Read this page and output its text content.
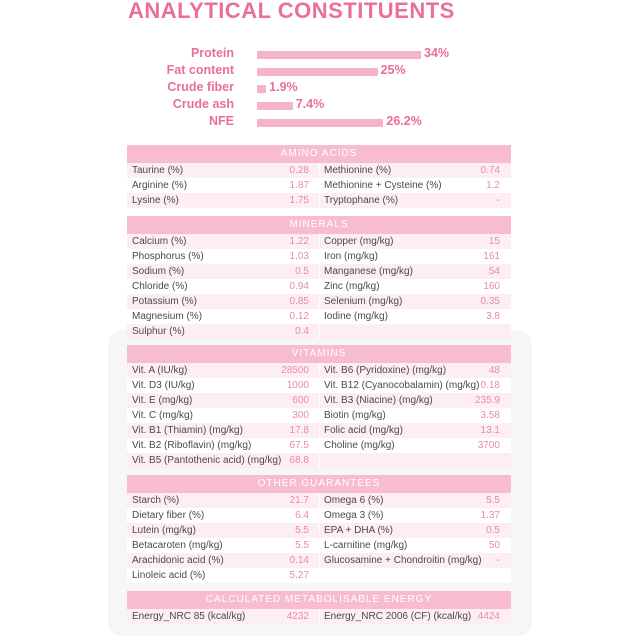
ANALYTICAL CONSTITUENTS
Protein	34%
Fat content	25%
Crude fiber	1.9%
Crude ash	7.4%
NFE	26.2%
AMINO ACIDS
Taurine (%)	0.28 Methionine (%)	0.74
Arginine (%)	1.87 Methionine + Cysteine (%)	1.2
Lysine (%)	1.75 Tryptophane (%)	-
MINERALS
Calcium (%)	1.22 Copper (mg/kg)	15
Phosphorus (%)	1.03 Iron (mg/kg)	161
Sodium (%)	0.5 Manganese (mg/kg)	54
Chloride (%)	0.94 Zinc (mg/kg)	160
Potassium (%)	0.85 Selenium (mg/kg)	0.35
Magnesium (%)	0.12 Iodine (mg/kg)	3.8
Sulphur (%)	0.4
VITAMINS
Vit. A (IU/kg)	28500 Vit. B6 (Pyridoxine) (mg/kg)	48
Vit. D3 (IU/kg)	1000 Vit. B12 (Cyanocobalamin) (mg/kg) 0.18
Vit. E (mg/kg)	600 Vit. B3 (Niacine) (mg/kg)	235.9
Vit. C (mg/kg)	300 Biotin (mg/kg)	3.58
Vit. B1 (Thiamin) (mg/kg)	17.8 Folic acid (mg/kg)	13.1
Vit. B2 (Riboflavin) (mg/kg)	67.5 Choline (mg/kg)	3700
Vit. B5 (Pantothenic acid) (mg/kg) 68.8
OTHER GUARANTEES
Starch (%)	21.7 Omega 6 (%)	5.5
Dietary fiber (%)	6.4 Omega 3 (%)	1.37
Lutein (mg/kg)	5.5 EPA + DHA (%)	0.5
Betacaroten (mg/kg)	5.5 L-carnitine (mg/kg)	50
Arachidonic acid (%)	0.14 Glucosamine + Chondroitin (mg/kg)	-
Linoleic acid (%)	5.27
CALCULATED METABOLISABLE ENERGY
Energy_NRC 85 (kcal/kg)	4232 Energy_NRC 2006 (CF) (kcal/kg) 4424
